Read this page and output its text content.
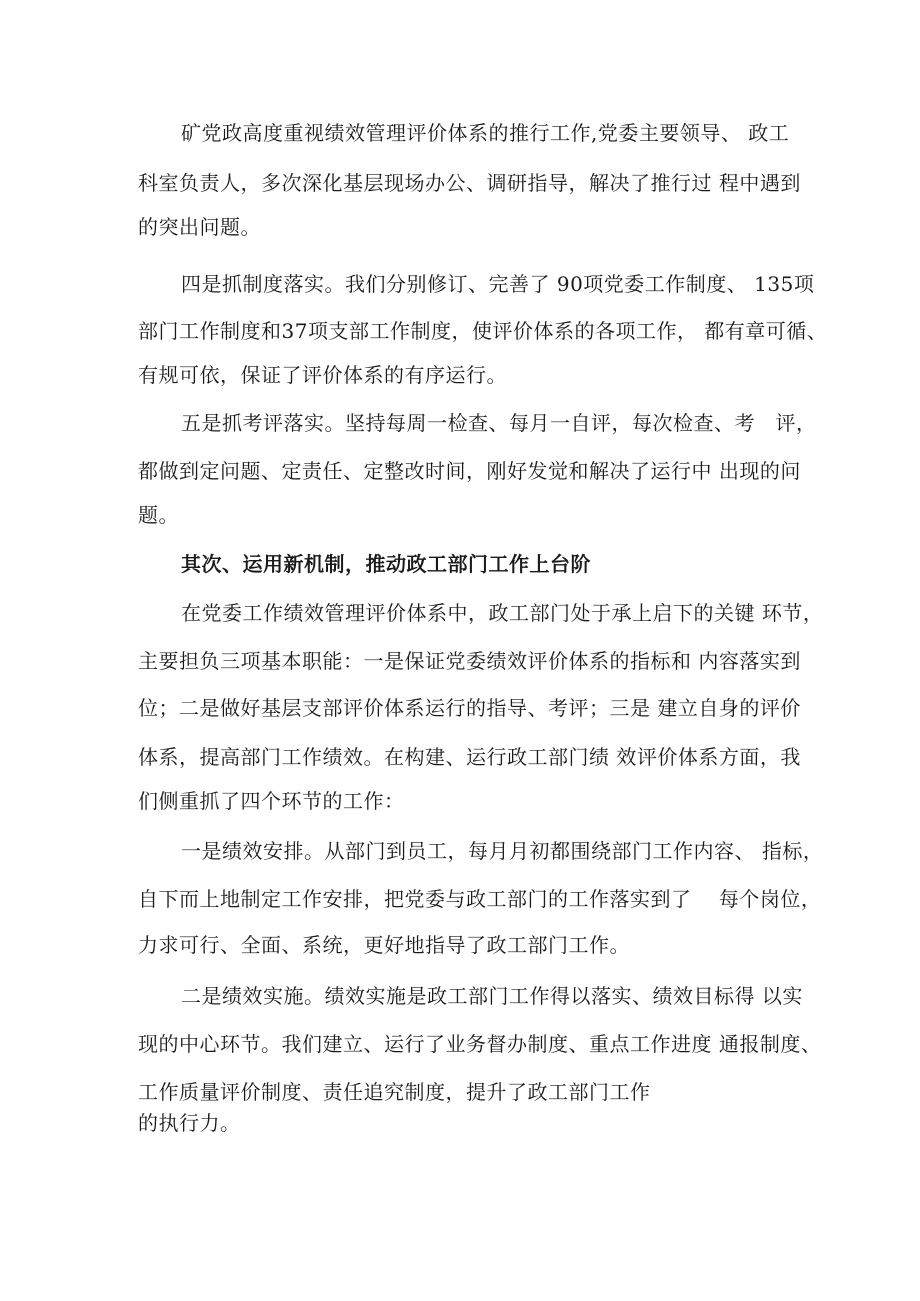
矿党政高度重视绩效管理评价体系的推行工作,党委主要领导、 政工
科室负责人，多次深化基层现场办公、调研指导，解决了推行过 程中遇到
的突出问题。
四是抓制度落实。我们分别修订、完善了 90项党委工作制度、 135项
部门工作制度和37项支部工作制度，使评价体系的各项工作， 都有章可循、
有规可依，保证了评价体系的有序运行。
五是抓考评落实。坚持每周一检查、每月一自评，每次检查、考　评，
都做到定问题、定责任、定整改时间，刚好发觉和解决了运行中 出现的问
题。
其次、运用新机制，推动政工部门工作上台阶
在党委工作绩效管理评价体系中，政工部门处于承上启下的关键 环节，
主要担负三项基本职能：一是保证党委绩效评价体系的指标和 内容落实到
位；二是做好基层支部评价体系运行的指导、考评；三是 建立自身的评价
体系，提高部门工作绩效。在构建、运行政工部门绩 效评价体系方面，我
们侧重抓了四个环节的工作：
一是绩效安排。从部门到员工，每月月初都围绕部门工作内容、 指标，
自下而上地制定工作安排，把党委与政工部门的工作落实到了　 每个岗位，
力求可行、全面、系统，更好地指导了政工部门工作。
二是绩效实施。绩效实施是政工部门工作得以落实、绩效目标得 以实
现的中心环节。我们建立、运行了业务督办制度、重点工作进度 通报制度、
工作质量评价制度、责任追究制度，提升了政工部门工作
的执行力。
